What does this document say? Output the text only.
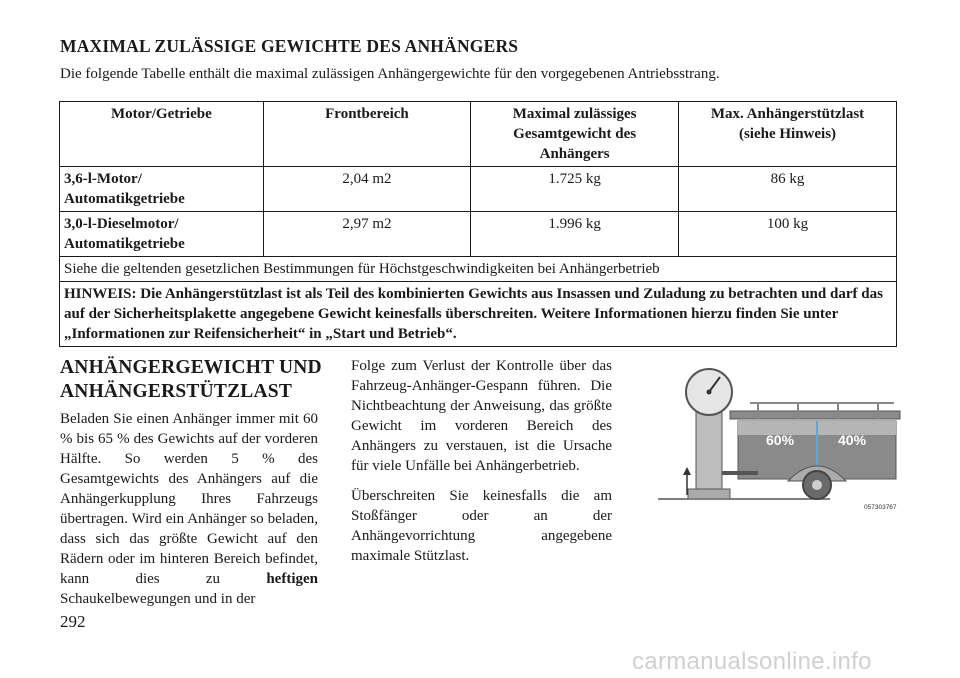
MAXIMAL ZULÄSSIGE GEWICHTE DES ANHÄNGERS
Die folgende Tabelle enthält die maximal zulässigen Anhängergewichte für den vorgegebenen Antriebsstrang.
Motor/Getriebe	Frontbereich	Maximal zulässiges Gesamtgewicht des Anhängers	Max. Anhängerstützlast (siehe Hinweis)

3,6-l-Motor/
Automatikgetriebe	2,04 m2	1.725 kg	86 kg

3,0-l-Dieselmotor/
Automatikgetriebe	2,97 m2	1.996 kg	100 kg
Siehe die geltenden gesetzlichen Bestimmungen für Höchstgeschwindigkeiten bei Anhängerbetrieb			
HINWEIS: Die Anhängerstützlast ist als Teil des kombinierten Gewichts aus Insassen und Zuladung zu betrachten und darf das auf der Sicherheitsplakette angegebene Gewicht keinesfalls überschreiten. Weitere Informationen hierzu finden Sie unter „Informationen zur Reifensicherheit“ in „Start und Betrieb“.			
ANHÄNGERGEWICHT UND ANHÄNGERSTÜTZLAST
Beladen Sie einen Anhänger immer mit 60 % bis 65 % des Gewichts auf der vorderen Hälfte. So werden 5 % des Gesamtgewichts des Anhängers auf die Anhängerkupplung Ihres Fahrzeugs übertragen. Wird ein Anhänger so beladen, dass sich das größte Gewicht auf den Rädern oder im hinteren Bereich befindet, kann dies zu	heftigen Schaukelbewegungen und in der

Folge zum Verlust der Kontrolle über das Fahrzeug-Anhänger-Gespann führen. Die Nichtbeachtung der Anweisung, das größte Gewicht im vorderen Bereich des Anhängers zu verstauen, ist die Ursache für viele Unfälle bei Anhängerbetrieb.

Überschreiten Sie keinesfalls die am Stoßfänger oder an der Anhängevorrichtung angegebene maximale Stützlast.

60%	40%
057303767
292
carmanualsonline.info
